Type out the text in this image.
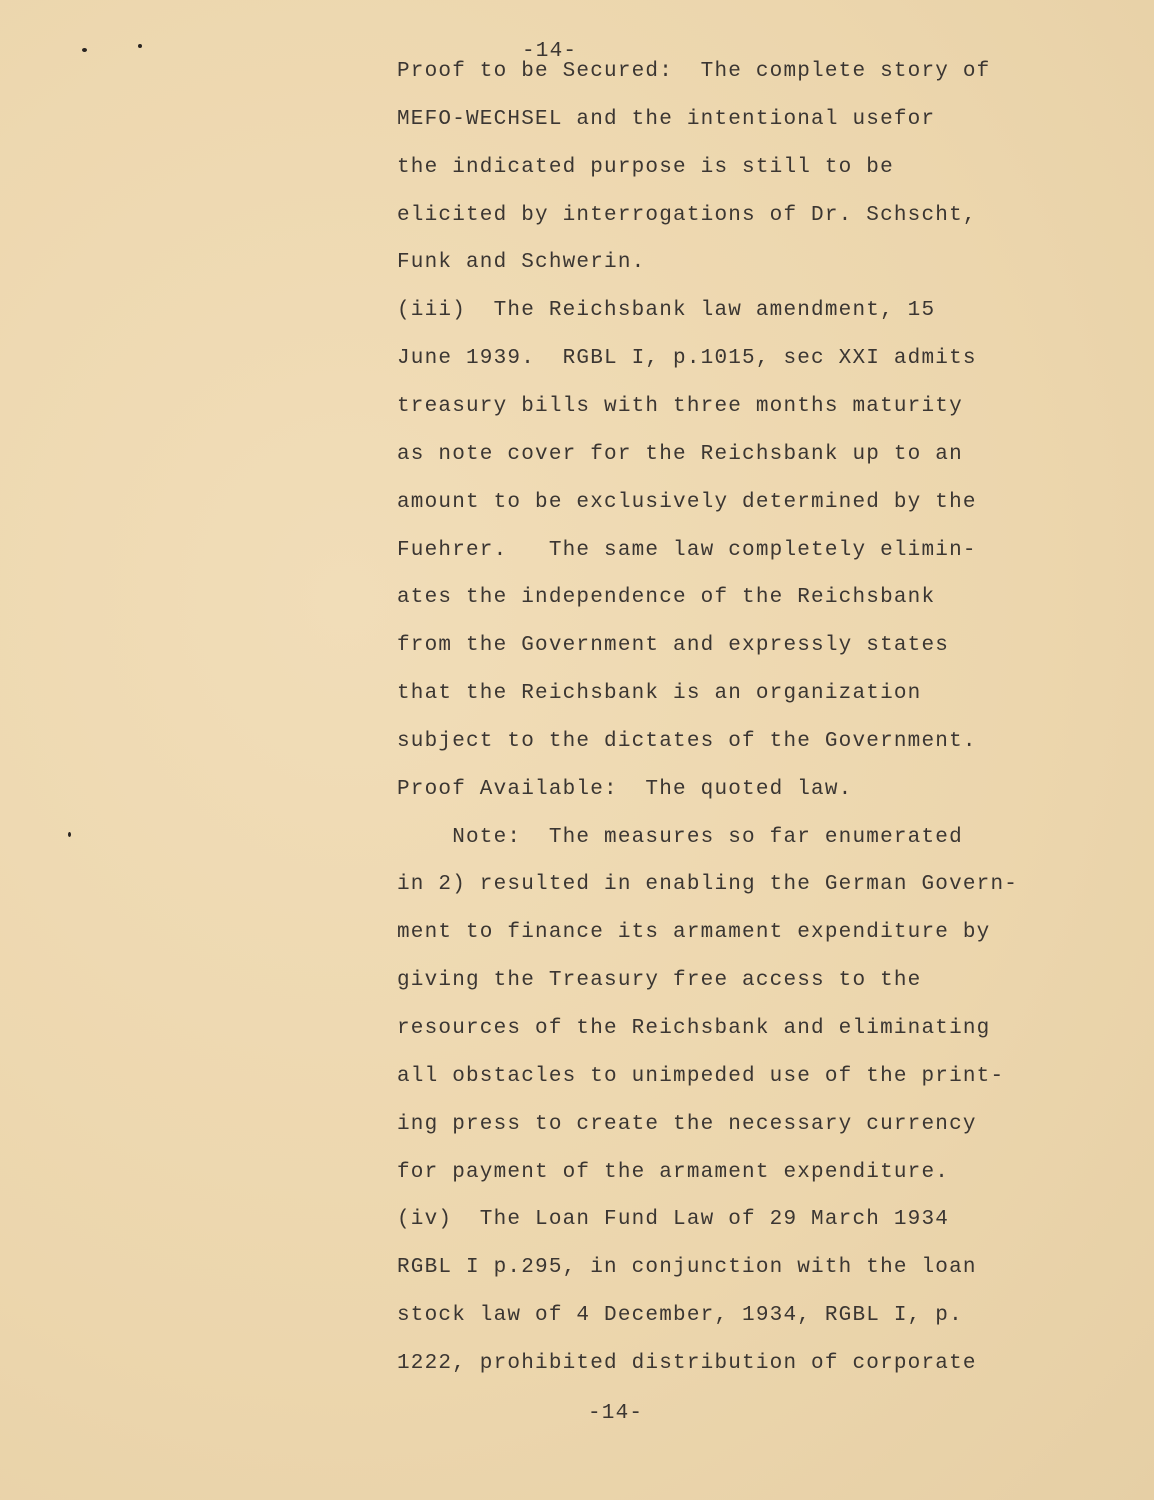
-14-
Proof to be Secured:  The complete story of
MEFO-WECHSEL and the intentional usefor
the indicated purpose is still to be
elicited by interrogations of Dr. Schscht,
Funk and Schwerin.
(iii)  The Reichsbank law amendment, 15
June 1939.  RGBL I, p.1015, sec XXI admits
treasury bills with three months maturity
as note cover for the Reichsbank up to an
amount to be exclusively determined by the
Fuehrer.   The same law completely elimin-
ates the independence of the Reichsbank
from the Government and expressly states
that the Reichsbank is an organization
subject to the dictates of the Government.
Proof Available:  The quoted law.
Note:  The measures so far enumerated
in 2) resulted in enabling the German Govern-
ment to finance its armament expenditure by
giving the Treasury free access to the
resources of the Reichsbank and eliminating
all obstacles to unimpeded use of the print-
ing press to create the necessary currency
for payment of the armament expenditure.
(iv)  The Loan Fund Law of 29 March 1934
RGBL I p.295, in conjunction with the loan
stock law of 4 December, 1934, RGBL I, p.
1222, prohibited distribution of corporate
-14-
